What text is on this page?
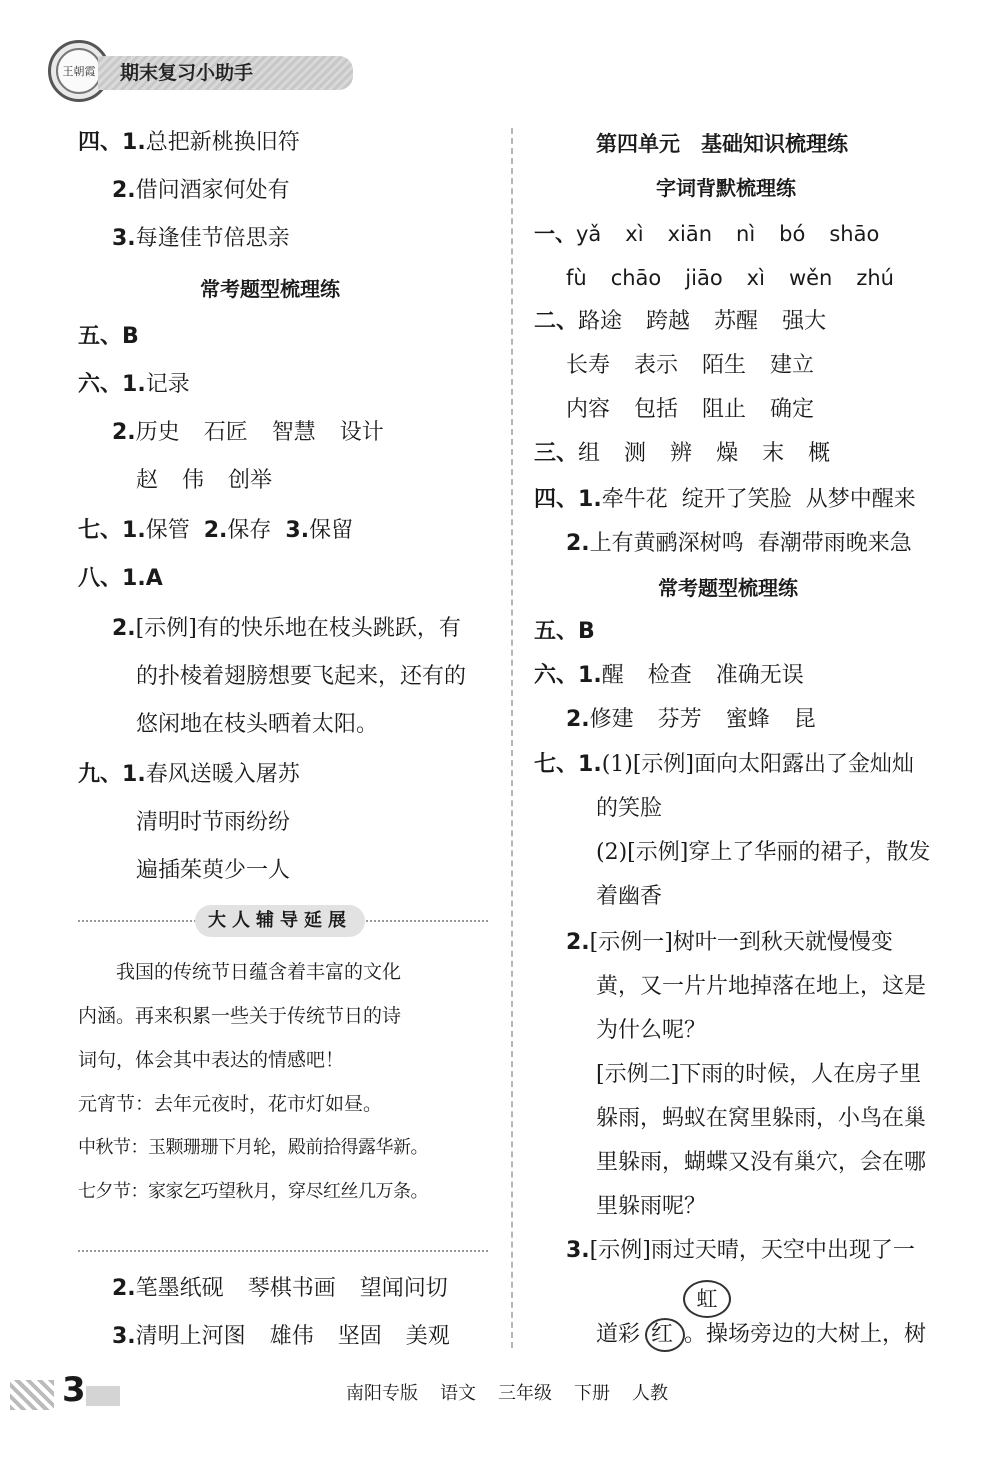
王朝霞	期末复习小助手
四、1.总把新桃换旧符
2.借问酒家何处有
3.每逢佳节倍思亲
常考题型梳理练
五、B
六、1.记录
2.历史 石匠 智慧 设计
赵 伟 创举
七、1.保管 2.保存 3.保留
八、1.A
2.[示例]有的快乐地在枝头跳跃，有
的扑棱着翅膀想要飞起来，还有的
悠闲地在枝头晒着太阳。
九、1.春风送暖入屠苏
清明时节雨纷纷
遍插茱萸少一人
大人辅导延展
我国的传统节日蕴含着丰富的文化
内涵。再来积累一些关于传统节日的诗
词句，体会其中表达的情感吧！
元宵节：去年元夜时，花市灯如昼。
中秋节：玉颗珊珊下月轮，殿前拾得露华新。
七夕节：家家乞巧望秋月，穿尽红丝几万条。
2.笔墨纸砚 琴棋书画 望闻问切
3.清明上河图 雄伟 坚固 美观
第四单元　基础知识梳理练
字词背默梳理练
一、yǎ xì xiān nì bó shāo
fù chāo jiāo xì wěn zhú
二、路途 跨越 苏醒 强大
长寿 表示 陌生 建立
内容 包括 阻止 确定
三、组 测 辨 燥 末 概
四、1.牵牛花 绽开了笑脸 从梦中醒来
2.上有黄鹂深树鸣 春潮带雨晚来急
常考题型梳理练
五、B
六、1.醒 检查 准确无误
2.修建 芬芳 蜜蜂 昆
七、1.(1)[示例]面向太阳露出了金灿灿
的笑脸
(2)[示例]穿上了华丽的裙子，散发
着幽香
2.[示例一]树叶一到秋天就慢慢变
黄，又一片片地掉落在地上，这是
为什么呢？
[示例二]下雨的时候，人在房子里
躲雨，蚂蚁在窝里躲雨，小鸟在巢
里躲雨，蝴蝶又没有巢穴，会在哪
里躲雨呢？
3.[示例]雨过天晴，天空中出现了一
虹
道彩 红 。操场旁边的大树上，树
3	南阳专版 语文 三年级 下册 人教
